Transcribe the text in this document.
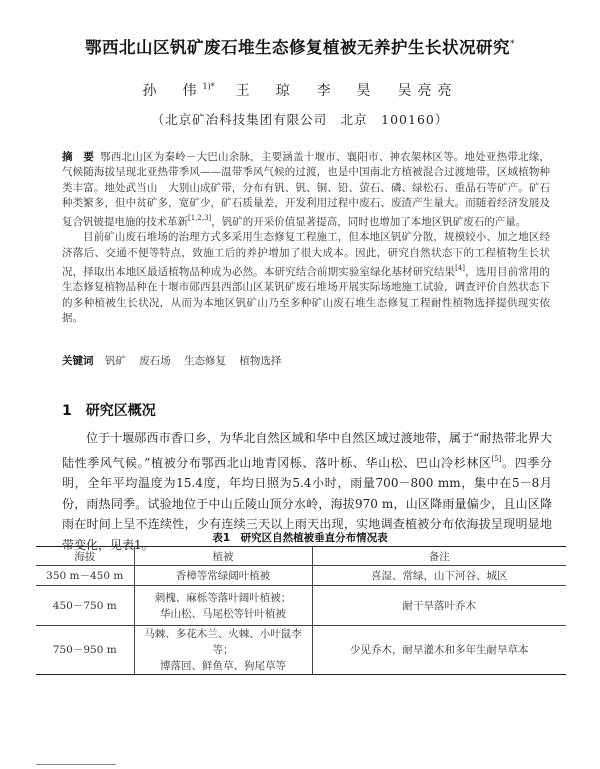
鄂西北山区钒矿废石堆生态修复植被无养护生长状况研究*
孙　伟$^{1)*}$ 王　琼 李　昊 吴亮亮
（北京矿冶科技集团有限公司　北京　100160）

摘　要 鄂西北山区为秦岭－大巴山余脉，主要涵盖十堰市、襄阳市、神农架林区等。地处亚热带北缘，气候随海拔呈现北亚热带季风——温带季风气候的过渡，也是中国南北方植被混合过渡地带，区域植物种类丰富。地处武当山　大别山成矿带，分布有钒、钒、铜、铅、萤石、磷、绿松石、重晶石等矿产。矿石种类繁多，但中贫矿多，宽矿少，矿石质量差，开发利用过程中废石、废渣产生量大。而随着经济发展及复合钒铍提电施的技术革新[1,2,3]，钒矿的开采价值显著提高，同时也增加了本地区钒矿废石的产量。

目前矿山废石堆场的治理方式多采用生态修复工程施工，但本地区钒矿分散，规模较小、加之地区经济落后、交通不便等特点，致施工后的养护增加了很大成本。因此，研究自然状态下的工程植物生长状况，择取出本地区最适植物品种成为必然。本研究结合前期实验室绿化基材研究结果[4]，选用目前常用的生态修复植物品种在十堰市郧西县西部山区某钒矿废石堆场开展实际场地施工试验，调查评价自然状态下的多种植被生长状况，从而为本地区钒矿山乃至多种矿山废石堆生态修复工程耐性植物选择提供现实依据。

关键词 钒矿 废石场 生态修复 植物选择
1 研究区概况
位于十堰郧西市香口乡，为华北自然区域和华中自然区域过渡地带，属于“耐热带北界大陆性季风气候。”植被分布鄂西北山地青冈栎、落叶栎、华山松、巴山冷杉林区[5]。四季分明，全年平均温度为15.4度，年均日照为5.4小时，雨量700－800 mm，集中在5－8月份，雨热同季。试验地位于中山丘陵山顶分水岭，海拔970 m，山区降雨量偏少，且山区降雨在时间上呈不连续性，少有连续三天以上雨天出现，实地调查植被分布依海拔呈现明显地带变化，见表1。	表1　研究区自然植被垂直分布情况表
海拔	植被	备注
350 m－450 m	香樟等常绿阔叶植被	喜湿、常绿，山下河谷、城区
450－750 m	刺槐、麻栎等落叶阔叶植被；
华山松、马尾松等针叶植被	耐干旱落叶乔木
750－950 m	马棘、多花木兰、火棘、小叶鼠李等；
博落回、鲜鱼草、狗尾草等	少见乔木，耐旱灌木和多年生耐旱草本
